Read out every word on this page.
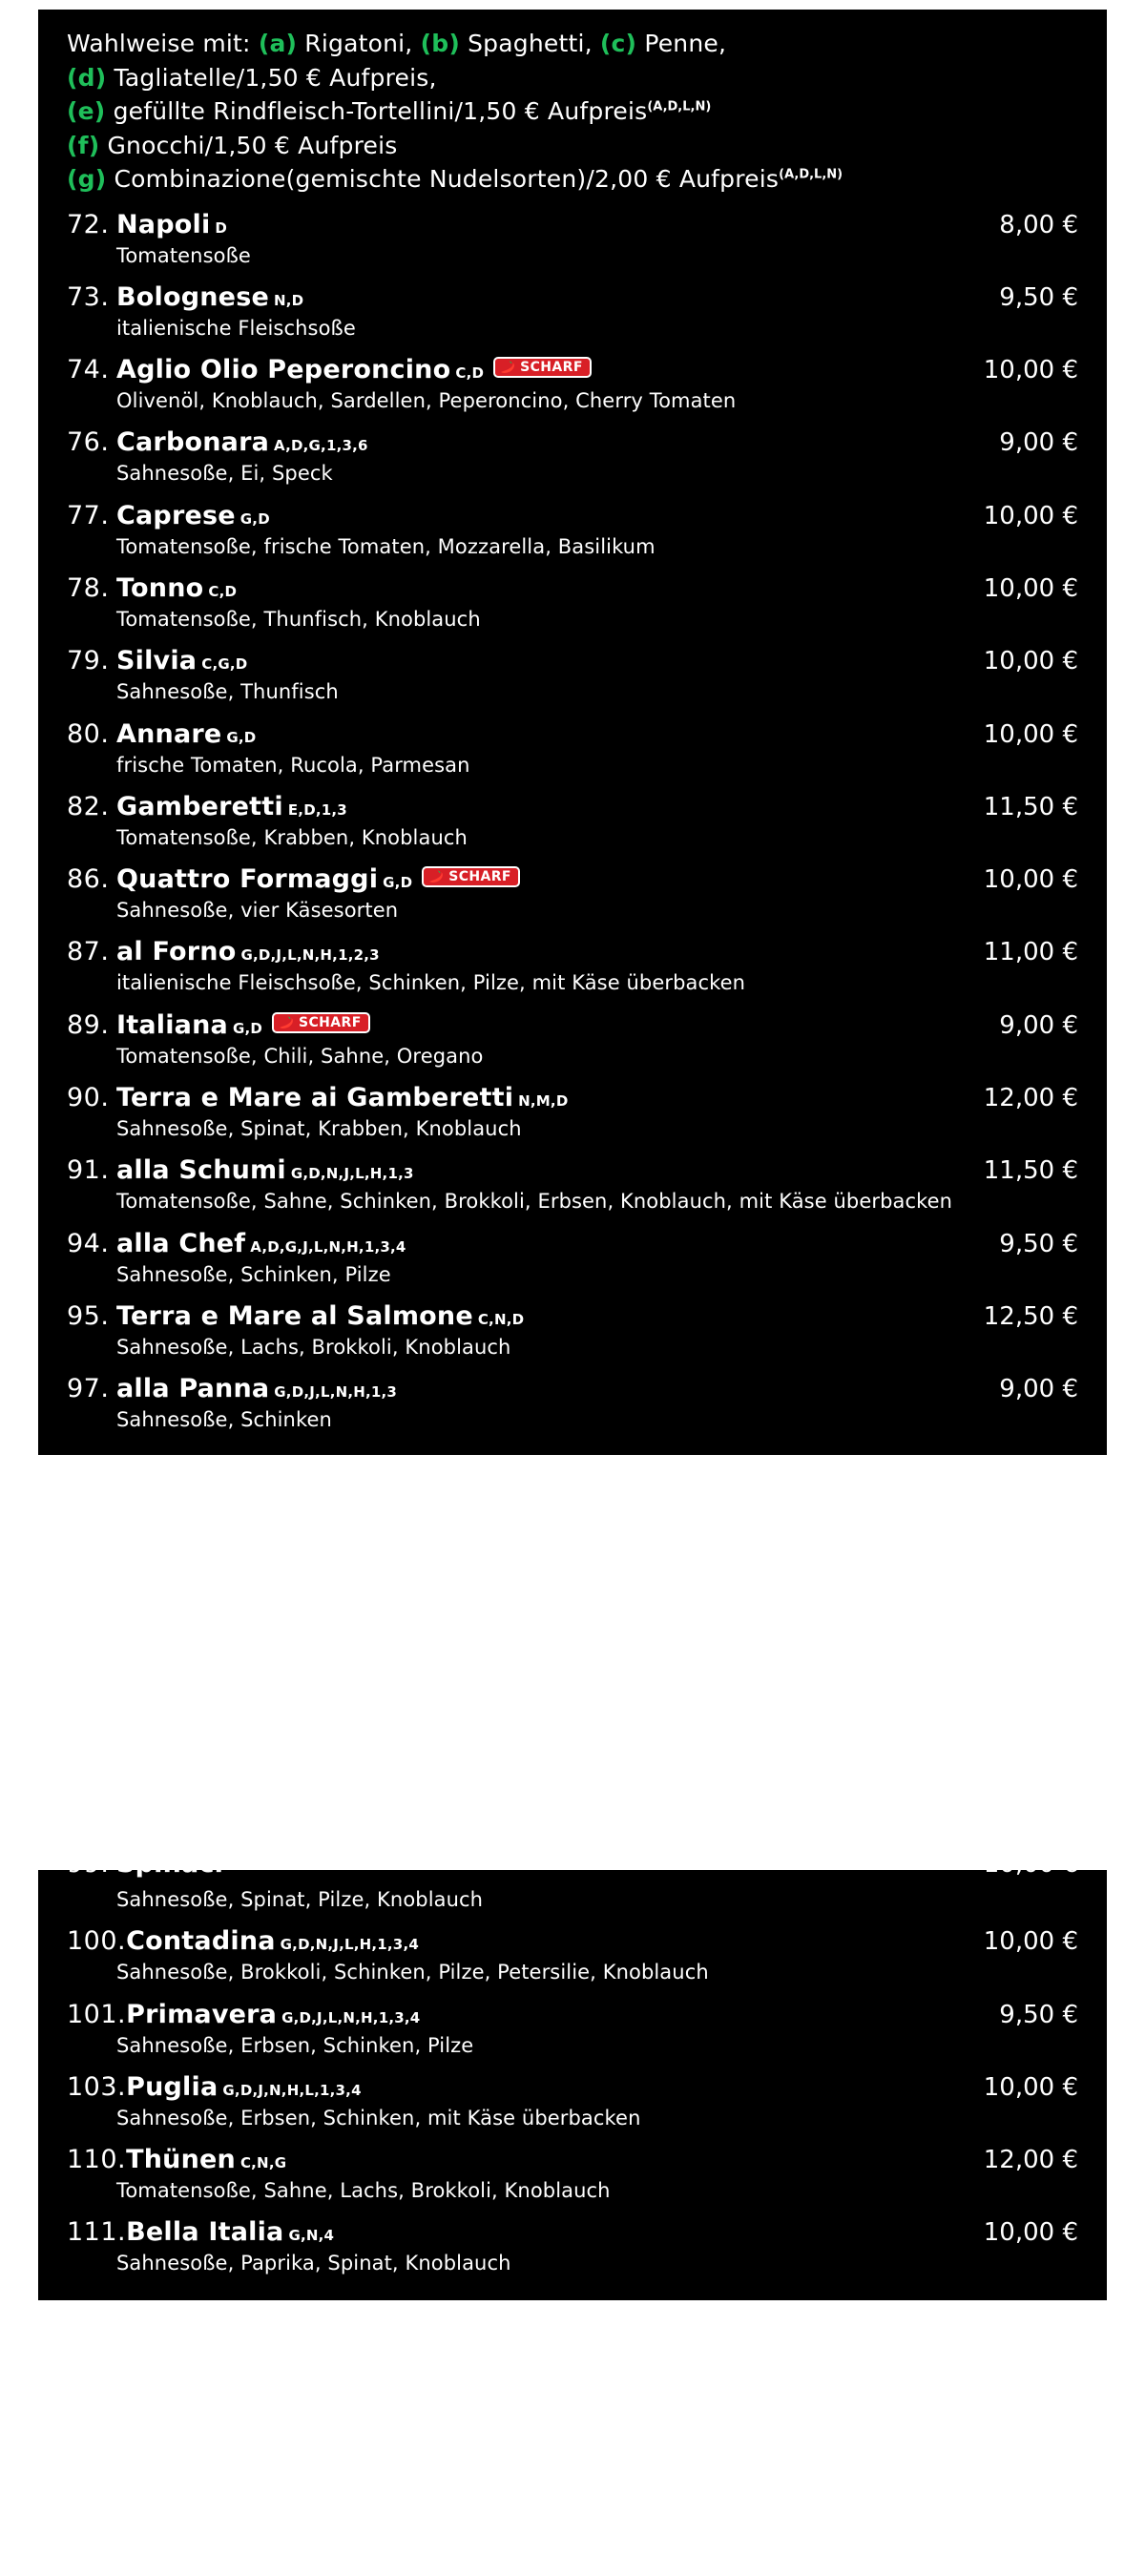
Wahlweise mit: (a) Rigatoni, (b) Spaghetti, (c) Penne,
(d) Tagliatelle/1,50 € Aufpreis,
(e) gefüllte Rindfleisch-Tortellini/1,50 € Aufpreis$^{(A,D,L,N)}$
(f) Gnocchi/1,50 € Aufpreis
(g) Combinazione(gemischte Nudelsorten)/2,00 € Aufpreis$^{(A,D,L,N)}$
72. Napoli D	8,00 €
Tomatensoße
73. Bolognese N,D	9,50 €
italienische Fleischsoße
74. Aglio Olio Peperoncino C,D	SCHARF	10,00 €
Olivenöl, Knoblauch, Sardellen, Peperoncino, Cherry Tomaten
76. Carbonara A,D,G,1,3,6	9,00 €
Sahnesoße, Ei, Speck
77. Caprese G,D	10,00 €
Tomatensoße, frische Tomaten, Mozzarella, Basilikum
78. Tonno C,D	10,00 €
Tomatensoße, Thunfisch, Knoblauch
79. Silvia C,G,D	10,00 €
Sahnesoße, Thunfisch
80. Annare G,D	10,00 €
frische Tomaten, Rucola, Parmesan
82. Gamberetti E,D,1,3	11,50 €
Tomatensoße, Krabben, Knoblauch
86. Quattro Formaggi G,D	SCHARF	10,00 €
Sahnesoße, vier Käsesorten
87. al Forno G,D,J,L,N,H,1,2,3	11,00 €
italienische Fleischsoße, Schinken, Pilze, mit Käse überbacken
89. Italiana G,D	SCHARF	9,00 €
Tomatensoße, Chili, Sahne, Oregano
90. Terra e Mare ai Gamberetti N,M,D	12,00 €
Sahnesoße, Spinat, Krabben, Knoblauch
91. alla Schumi G,D,N,J,L,H,1,3	11,50 €
Tomatensoße, Sahne, Schinken, Brokkoli, Erbsen, Knoblauch, mit Käse überbacken
94. alla Chef A,D,G,J,L,N,H,1,3,4	9,50 €
Sahnesoße, Schinken, Pilze
95. Terra e Mare al Salmone C,N,D	12,50 €
Sahnesoße, Lachs, Brokkoli, Knoblauch
97. alla Panna G,D,J,L,N,H,1,3	9,00 €
Sahnesoße, Schinken
99. Spinaci	10,00 €
Sahnesoße, Spinat, Pilze, Knoblauch
100. Contadina G,D,N,J,L,H,1,3,4	10,00 €
Sahnesoße, Brokkoli, Schinken, Pilze, Petersilie, Knoblauch
101. Primavera G,D,J,L,N,H,1,3,4	9,50 €
Sahnesoße, Erbsen, Schinken, Pilze
103. Puglia G,D,J,N,H,L,1,3,4	10,00 €
Sahnesoße, Erbsen, Schinken, mit Käse überbacken
110. Thünen C,N,G	12,00 €
Tomatensoße, Sahne, Lachs, Brokkoli, Knoblauch
111. Bella Italia G,N,4	10,00 €
Sahnesoße, Paprika, Spinat, Knoblauch
